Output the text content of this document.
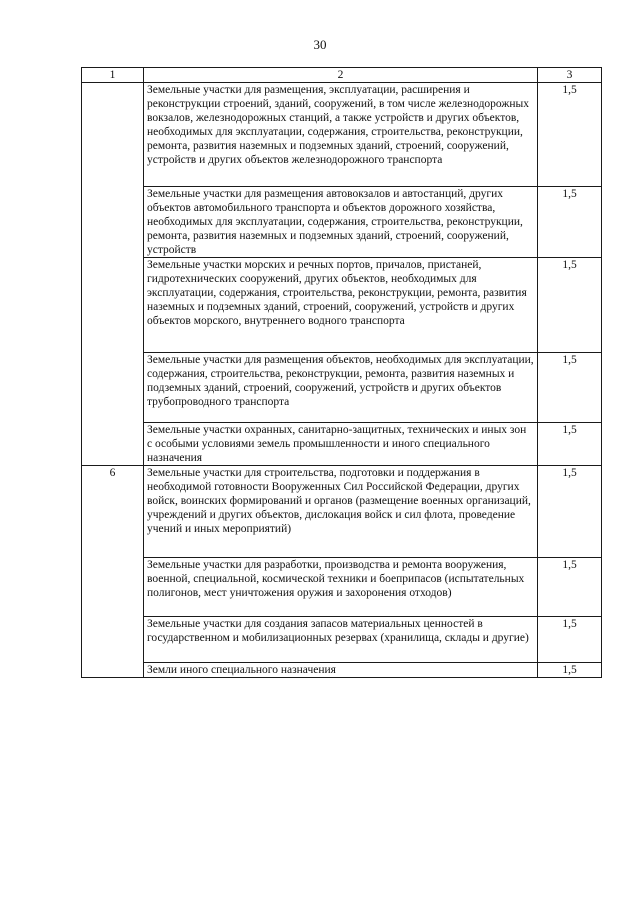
30
1	2	3
	Земельные участки для размещения, эксплуатации, расширения и реконструкции строений, зданий, сооружений, в том числе железнодорожных вокзалов, железнодорожных станций, а также устройств и других объектов, необходимых для эксплуатации, содержания, строительства, реконструкции, ремонта, развития наземных и подземных зданий, строений, сооружений, устройств и других объектов железнодорожного транспорта	1,5
	Земельные участки для размещения автовокзалов и автостанций, других объектов автомобильного транспорта и объектов дорожного хозяйства, необходимых для эксплуатации, содержания, строительства, реконструкции, ремонта, развития наземных и подземных зданий, строений, сооружений, устройств	1,5
	Земельные участки морских и речных портов, причалов, пристаней, гидротехнических сооружений, других объектов, необходимых для эксплуатации, содержания, строительства, реконструкции, ремонта, развития наземных и подземных зданий, строений, сооружений, устройств и других объектов морского, внутреннего водного транспорта	1,5
	Земельные участки для размещения объектов, необходимых для эксплуатации, содержания, строительства, реконструкции, ремонта, развития наземных и подземных зданий, строений, сооружений, устройств и других объектов трубопроводного транспорта	1,5
	Земельные участки охранных, санитарно-защитных, технических и иных зон с особыми условиями земель промышленности и иного специального назначения	1,5
6	Земельные участки для строительства, подготовки и поддержания в необходимой готовности Вооруженных Сил Российской Федерации, других войск, воинских формирований и органов (размещение военных организаций, учреждений и других объектов, дислокация войск и сил флота, проведение учений и иных мероприятий)	1,5
	Земельные участки для разработки, производства и ремонта вооружения, военной, специальной, космической техники и боеприпасов (испытательных полигонов, мест уничтожения оружия и захоронения отходов)	1,5
	Земельные участки для создания запасов материальных ценностей в государственном и мобилизационных резервах (хранилища, склады и другие)	1,5
	Земли иного специального назначения	1,5
